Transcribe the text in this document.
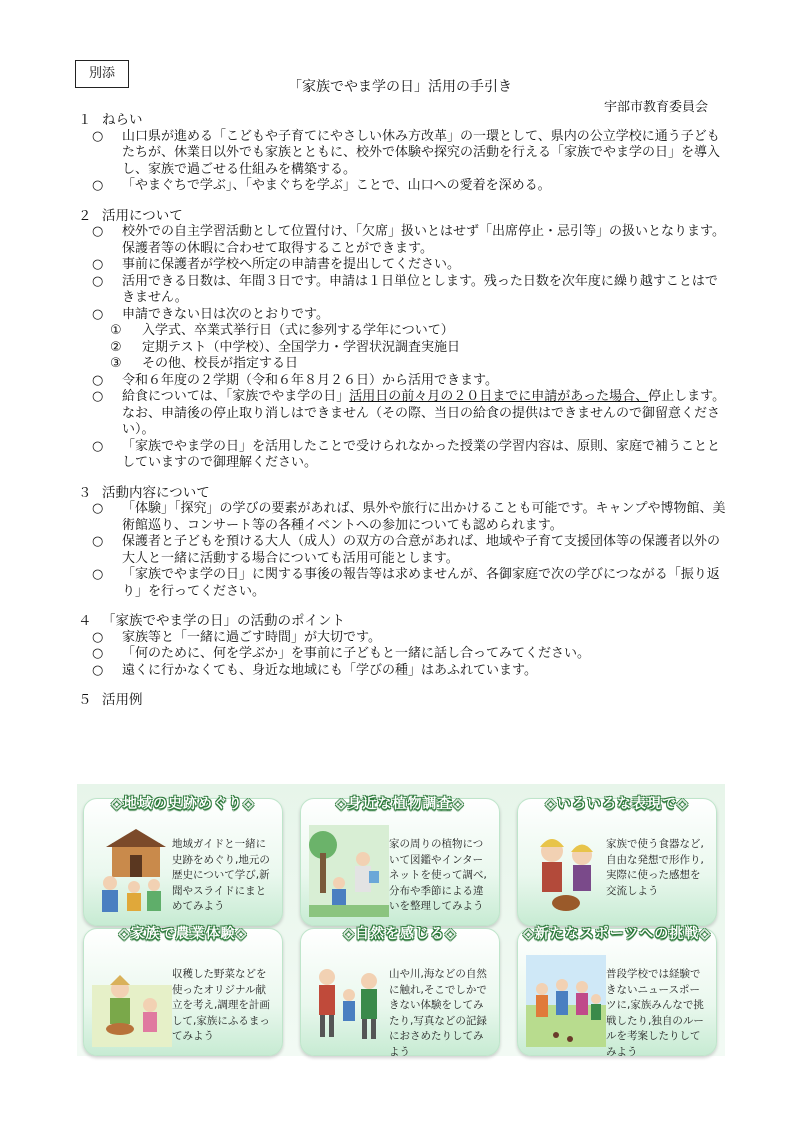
別添
「家族でやま学の日」活用の手引き
宇部市教育委員会
１ ねらい
○ 山口県が進める「こどもや子育てにやさしい休み方改革」の一環として、県内の公立学校に通う子どもたちが、休業日以外でも家族とともに、校外で体験や探究の活動を行える「家族でやま学の日」を導入し、家族で過ごせる仕組みを構築する。
○ 「やまぐちで学ぶ」、「やまぐちを学ぶ」ことで、山口への愛着を深める。
２ 活用について
○ 校外での自主学習活動として位置付け、「欠席」扱いとはせず「出席停止・忌引等」の扱いとなります。保護者等の休暇に合わせて取得することができます。
○ 事前に保護者が学校へ所定の申請書を提出してください。
○ 活用できる日数は、年間３日です。申請は１日単位とします。残った日数を次年度に繰り越すことはできません。
○ 申請できない日は次のとおりです。
① 入学式、卒業式挙行日（式に参列する学年について）
② 定期テスト（中学校）、全国学力・学習状況調査実施日
③ その他、校長が指定する日
○ 令和６年度の２学期（令和６年８月２６日）から活用できます。
○ 給食については、「家族でやま学の日」活用日の前々月の２０日までに申請があった場合、停止します。なお、申請後の停止取り消しはできません（その際、当日の給食の提供はできませんので御留意ください）。
○ 「家族でやま学の日」を活用したことで受けられなかった授業の学習内容は、原則、家庭で補うこととしていますので御理解ください。
３ 活動内容について
○ 「体験」「探究」の学びの要素があれば、県外や旅行に出かけることも可能です。キャンプや博物館、美術館巡り、コンサート等の各種イベントへの参加についても認められます。
○ 保護者と子どもを預ける大人（成人）の双方の合意があれば、地域や子育て支援団体等の保護者以外の大人と一緒に活動する場合についても活用可能とします。
○ 「家族でやま学の日」に関する事後の報告等は求めませんが、各御家庭で次の学びにつながる「振り返り」を行ってください。
４ 「家族でやま学の日」の活動のポイント
○ 家族等と「一緒に過ごす時間」が大切です。
○ 「何のために、何を学ぶか」を事前に子どもと一緒に話し合ってみてください。
○ 遠くに行かなくても、身近な地域にも「学びの種」はあふれています。
５ 活用例
◇地域の史跡めぐり◇
地域ガイドと一緒に史跡をめぐり,地元の歴史について学び,新聞やスライドにまとめてみよう
◇身近な植物調査◇
家の周りの植物について図鑑やインターネットを使って調べ,分布や季節による違いを整理してみよう
◇いろいろな表現で◇
家族で使う食器など,自由な発想で形作り,実際に使った感想を交流しよう
◇家族で農業体験◇
収穫した野菜などを使ったオリジナル献立を考え,調理を計画して,家族にふるまってみよう
◇自然を感じる◇
山や川,海などの自然に触れ,そこでしかできない体験をしてみたり,写真などの記録におさめたりしてみよう
◇新たなスポーツへの挑戦◇
普段学校では経験できないニュースポーツに,家族みんなで挑戦したり,独自のルールを考案したりしてみよう
